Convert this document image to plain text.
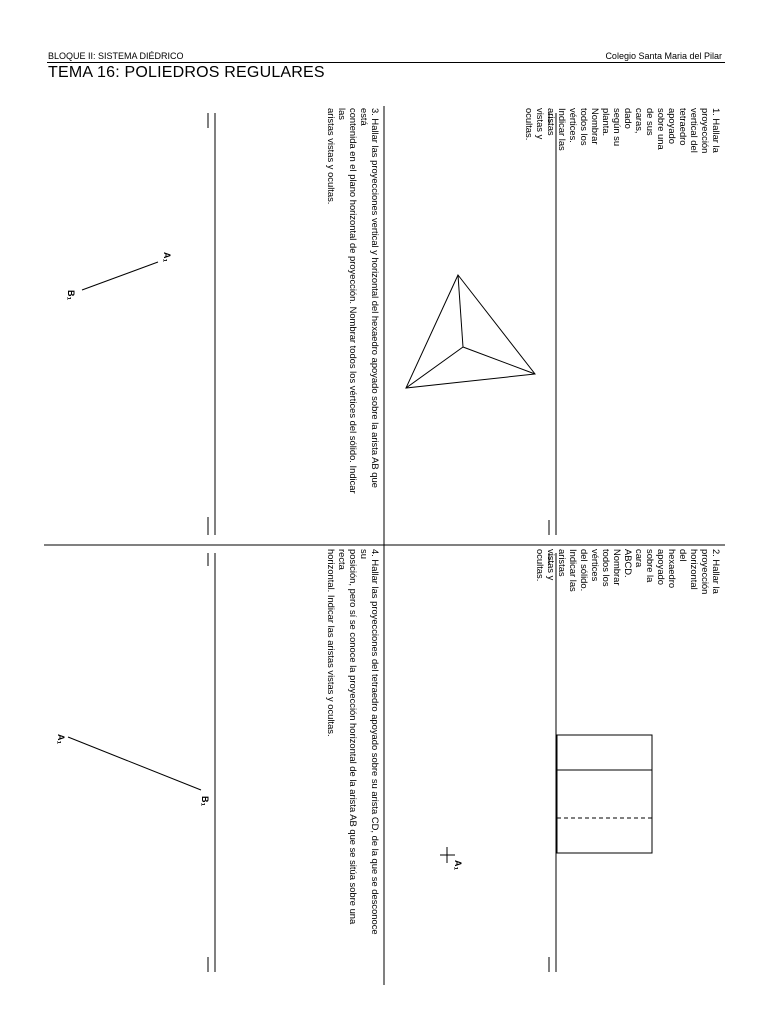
BLOQUE II: SISTEMA DIÉDRICO	Colegio Santa Maria del Pilar
TEMA 16: POLIEDROS REGULARES
1. Hallar la proyección vertical del tetraedro apoyado sobre una de sus caras, dado según su planta.
Nombrar todos los vértices. Indicar las aristas vistas y ocultas.
2. Hallar la proyección horizontal del hexaedro apoyado sobre la cara ABCD. Nombrar todos los
vértices del sólido. Indicar las aristas vistas y ocultas.
3. Hallar las proyecciones vertical y horizontal del hexaedro apoyado sobre la arista AB que está
contenida en el plano horizontal de proyección. Nombrar todos los vértices del sólido. Indicar las
aristas vistas y ocultas.
4. Hallar las proyecciones del tetraedro apoyado sobre su arista CD, de la que se desconoce su
posición, pero sí se conoce la proyección horizontal de la arista AB que se sitúa sobre una recta
horizontal. Indicar las aristas vistas y ocultas.
A₁
B₁
A₁
B₁
A₁
